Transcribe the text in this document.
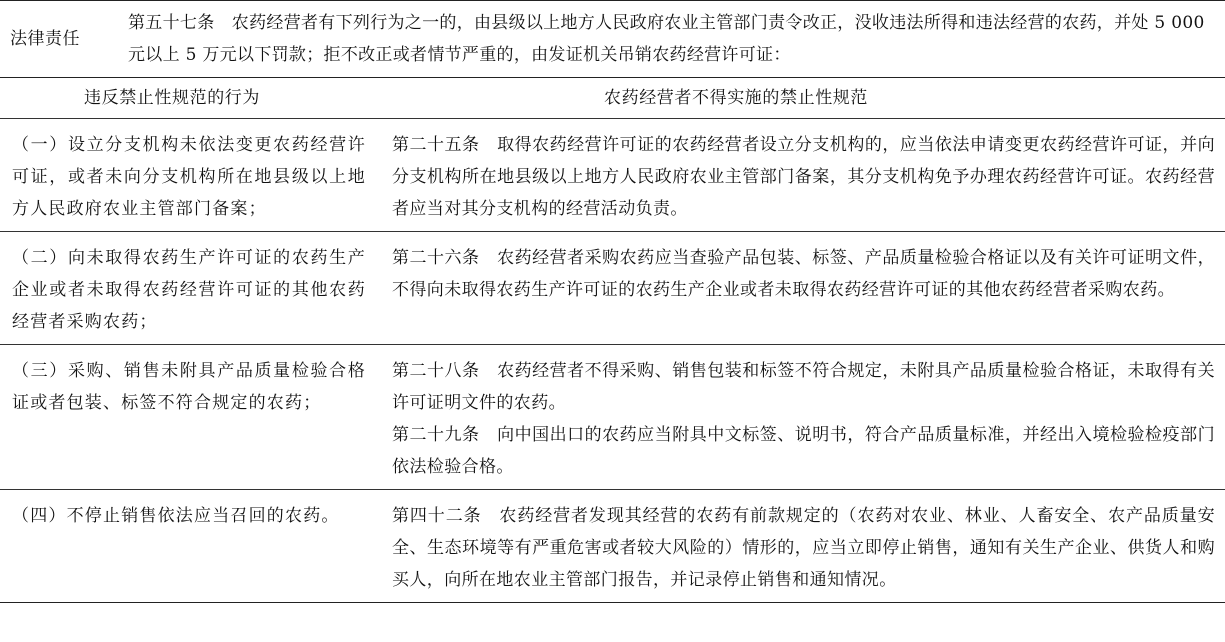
法律责任
第五十七条　农药经营者有下列行为之一的，由县级以上地方人民政府农业主管部门责令改正，没收违法所得和违法经营的农药，并处 5 000 元以上 5 万元以下罚款；拒不改正或者情节严重的，由发证机关吊销农药经营许可证：	

违反禁止性规范的行为	农药经营者不得实施的禁止性规范
（一）设立分支机构未依法变更农药经营许可证，或者未向分支机构所在地县级以上地方人民政府农业主管部门备案；	第二十五条　取得农药经营许可证的农药经营者设立分支机构的，应当依法申请变更农药经营许可证，并向分支机构所在地县级以上地方人民政府农业主管部门备案，其分支机构免予办理农药经营许可证。农药经营者应当对其分支机构的经营活动负责。

（二）向未取得农药生产许可证的农药生产企业或者未取得农药经营许可证的其他农药经营者采购农药；	第二十六条　农药经营者采购农药应当查验产品包装、标签、产品质量检验合格证以及有关许可证明文件，不得向未取得农药生产许可证的农药生产企业或者未取得农药经营许可证的其他农药经营者采购农药。

（三）采购、销售未附具产品质量检验合格证或者包装、标签不符合规定的农药；	第二十八条　农药经营者不得采购、销售包装和标签不符合规定，未附具产品质量检验合格证，未取得有关许可证明文件的农药。
第二十九条　向中国出口的农药应当附具中文标签、说明书，符合产品质量标准，并经出入境检验检疫部门依法检验合格。

（四）不停止销售依法应当召回的农药。	第四十二条　农药经营者发现其经营的农药有前款规定的（农药对农业、林业、人畜安全、农产品质量安全、生态环境等有严重危害或者较大风险的）情形的，应当立即停止销售，通知有关生产企业、供货人和购买人，向所在地农业主管部门报告，并记录停止销售和通知情况。
